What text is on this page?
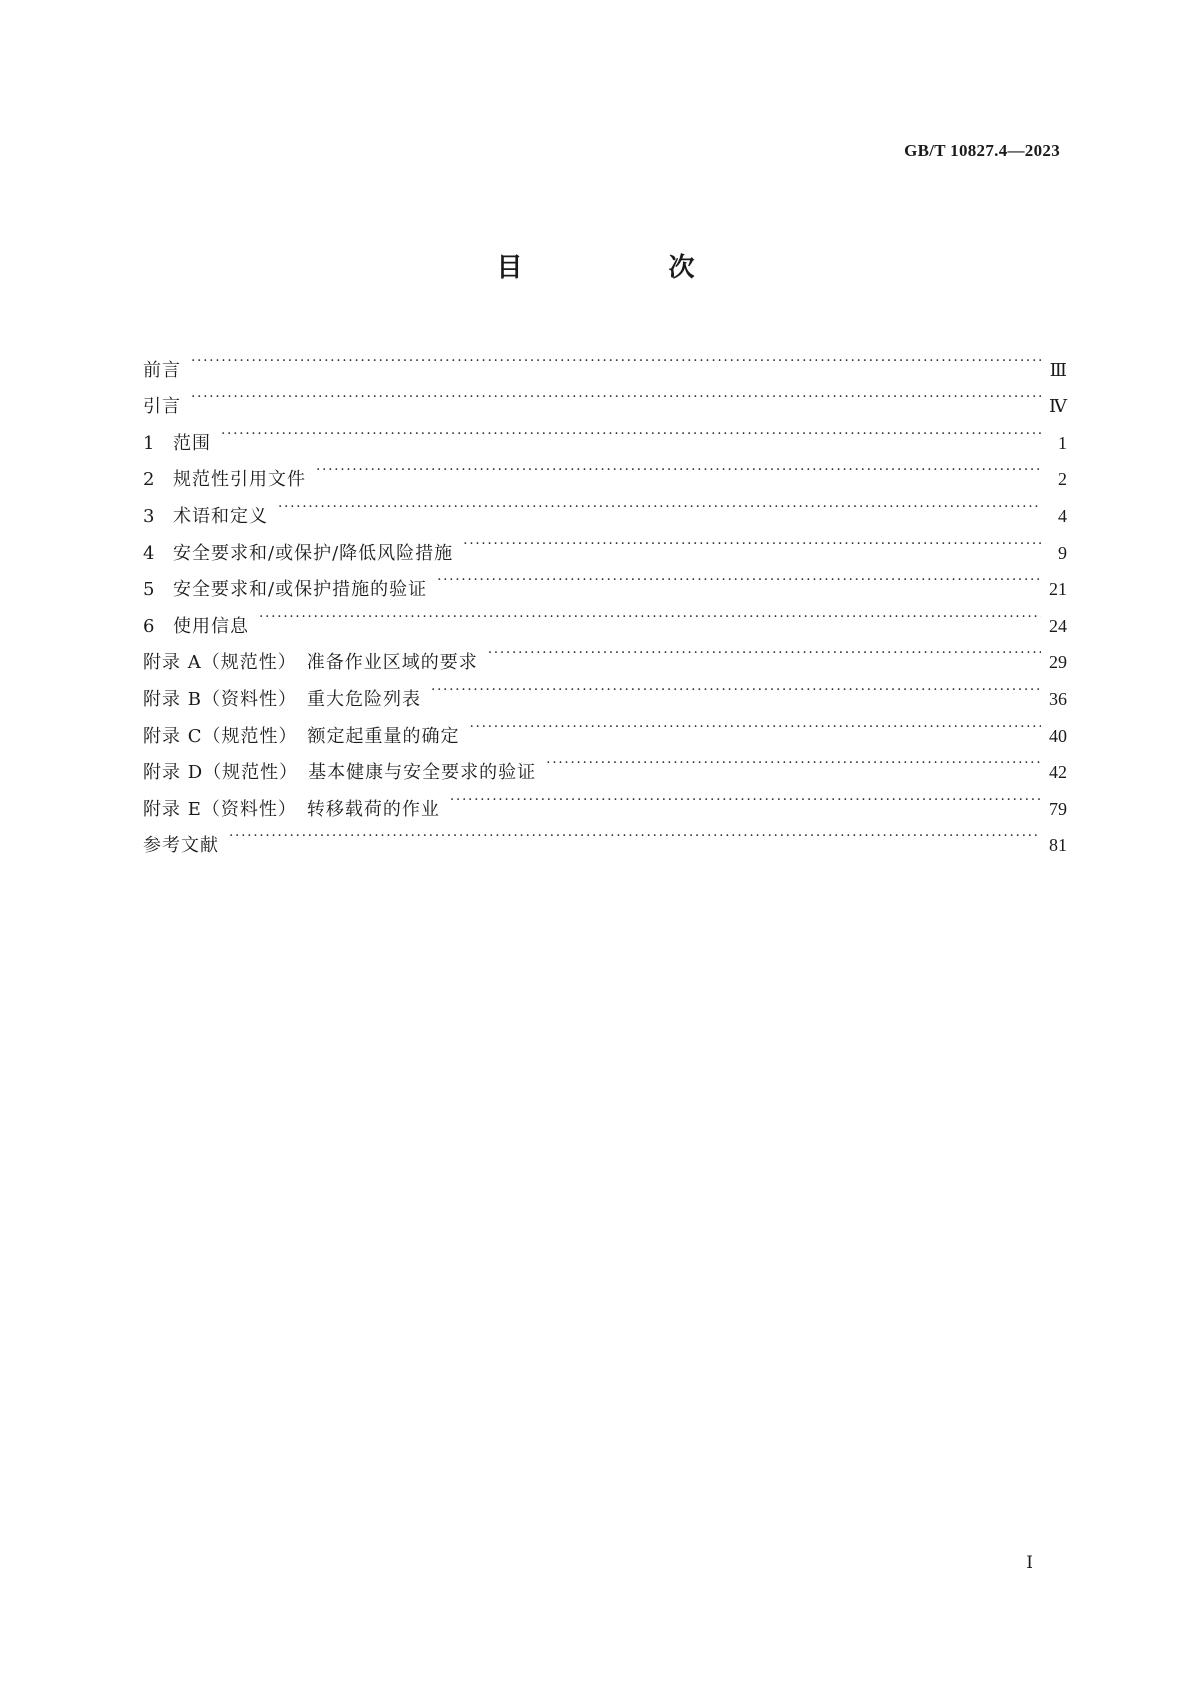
GB/T 10827.4—2023
目　次
前言 ·····	Ⅲ
引言 ·····	Ⅳ
1	范围 ·····	1
2	规范性引用文件 ·····	2
3	术语和定义 ·····	4
4	安全要求和/或保护/降低风险措施 ·····	9
5	安全要求和/或保护措施的验证 ·····	21
6	使用信息 ·····	24
附录 A（规范性）　准备作业区域的要求 ·····	29
附录 B（资料性）　重大危险列表 ·····	36
附录 C（规范性）　额定起重量的确定 ·····	40
附录 D（规范性）　基本健康与安全要求的验证 ·····	42
附录 E（资料性）　转移载荷的作业 ·····	79
参考文献 ·····	81
Ⅰ
